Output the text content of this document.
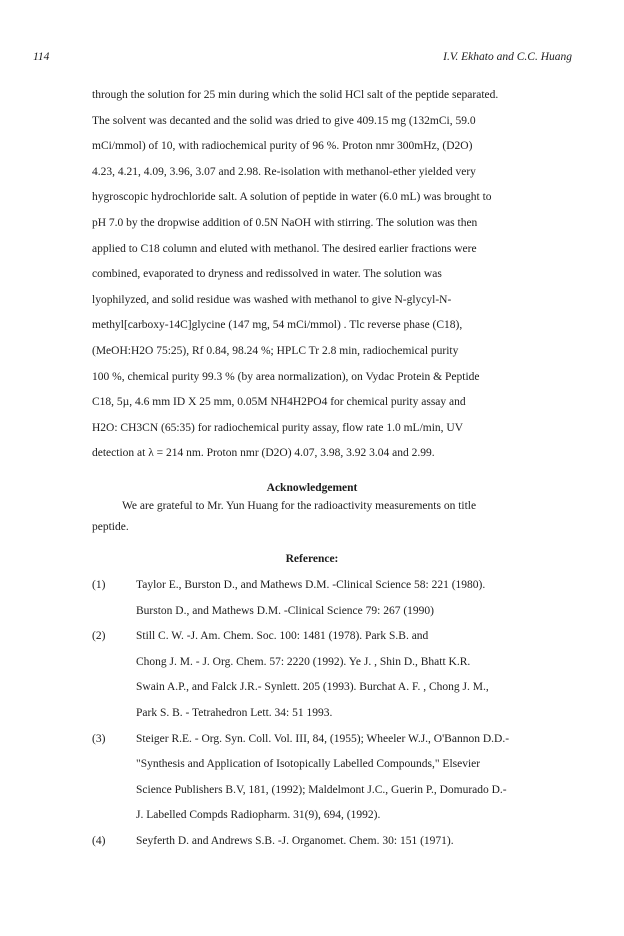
114	I.V. Ekhato and C.C. Huang

through the solution for 25 min during which the solid HCl salt of the peptide separated.

The solvent was decanted and the solid was dried to give 409.15 mg (132mCi, 59.0

mCi/mmol) of 10, with radiochemical purity of 96 %. Proton nmr 300mHz, (D2O)

4.23, 4.21, 4.09, 3.96, 3.07 and 2.98. Re-isolation with methanol-ether yielded very

hygroscopic hydrochloride salt. A solution of peptide in water (6.0 mL) was brought to

pH 7.0 by the dropwise addition of 0.5N NaOH with stirring. The solution was then

applied to C18 column and eluted with methanol. The desired earlier fractions were

combined, evaporated to dryness and redissolved in water. The solution was

lyophilyzed, and solid residue was washed with methanol to give N-glycyl-N-

methyl[carboxy-14C]glycine (147 mg, 54 mCi/mmol) . Tlc reverse phase (C18),

(MeOH:H2O 75:25), Rf 0.84, 98.24 %; HPLC Tr 2.8 min, radiochemical purity

100 %, chemical purity 99.3 % (by area normalization), on Vydac Protein & Peptide

C18, 5µ, 4.6 mm ID X 25 mm, 0.05M NH4H2PO4 for chemical purity assay and

H2O: CH3CN (65:35) for radiochemical purity assay, flow rate 1.0 mL/min, UV

detection at λ = 214 nm. Proton nmr (D2O) 4.07, 3.98, 3.92 3.04 and 2.99.

Acknowledgement

We are grateful to Mr. Yun Huang for the radioactivity measurements on title

peptide.

Reference:
(1)	Taylor E., Burston D., and Mathews D.M. -Clinical Science 58: 221 (1980).

Burston D., and Mathews D.M. -Clinical Science 79: 267 (1990)

(2)	Still C. W. -J. Am. Chem. Soc. 100: 1481 (1978). Park S.B. and

Chong J. M. - J. Org. Chem. 57: 2220 (1992). Ye J. , Shin D., Bhatt K.R.

Swain A.P., and Falck J.R.- Synlett. 205 (1993). Burchat A. F. , Chong J. M.,

Park S. B. - Tetrahedron Lett. 34: 51 1993.

(3)	Steiger R.E. - Org. Syn. Coll. Vol. III, 84, (1955); Wheeler W.J., O'Bannon D.D.-

"Synthesis and Application of Isotopically Labelled Compounds," Elsevier

Science Publishers B.V, 181, (1992); Maldelmont J.C., Guerin P., Domurado D.-

J. Labelled Compds Radiopharm. 31(9), 694, (1992).

(4)	Seyferth D. and Andrews S.B. -J. Organomet. Chem. 30: 151 (1971).
